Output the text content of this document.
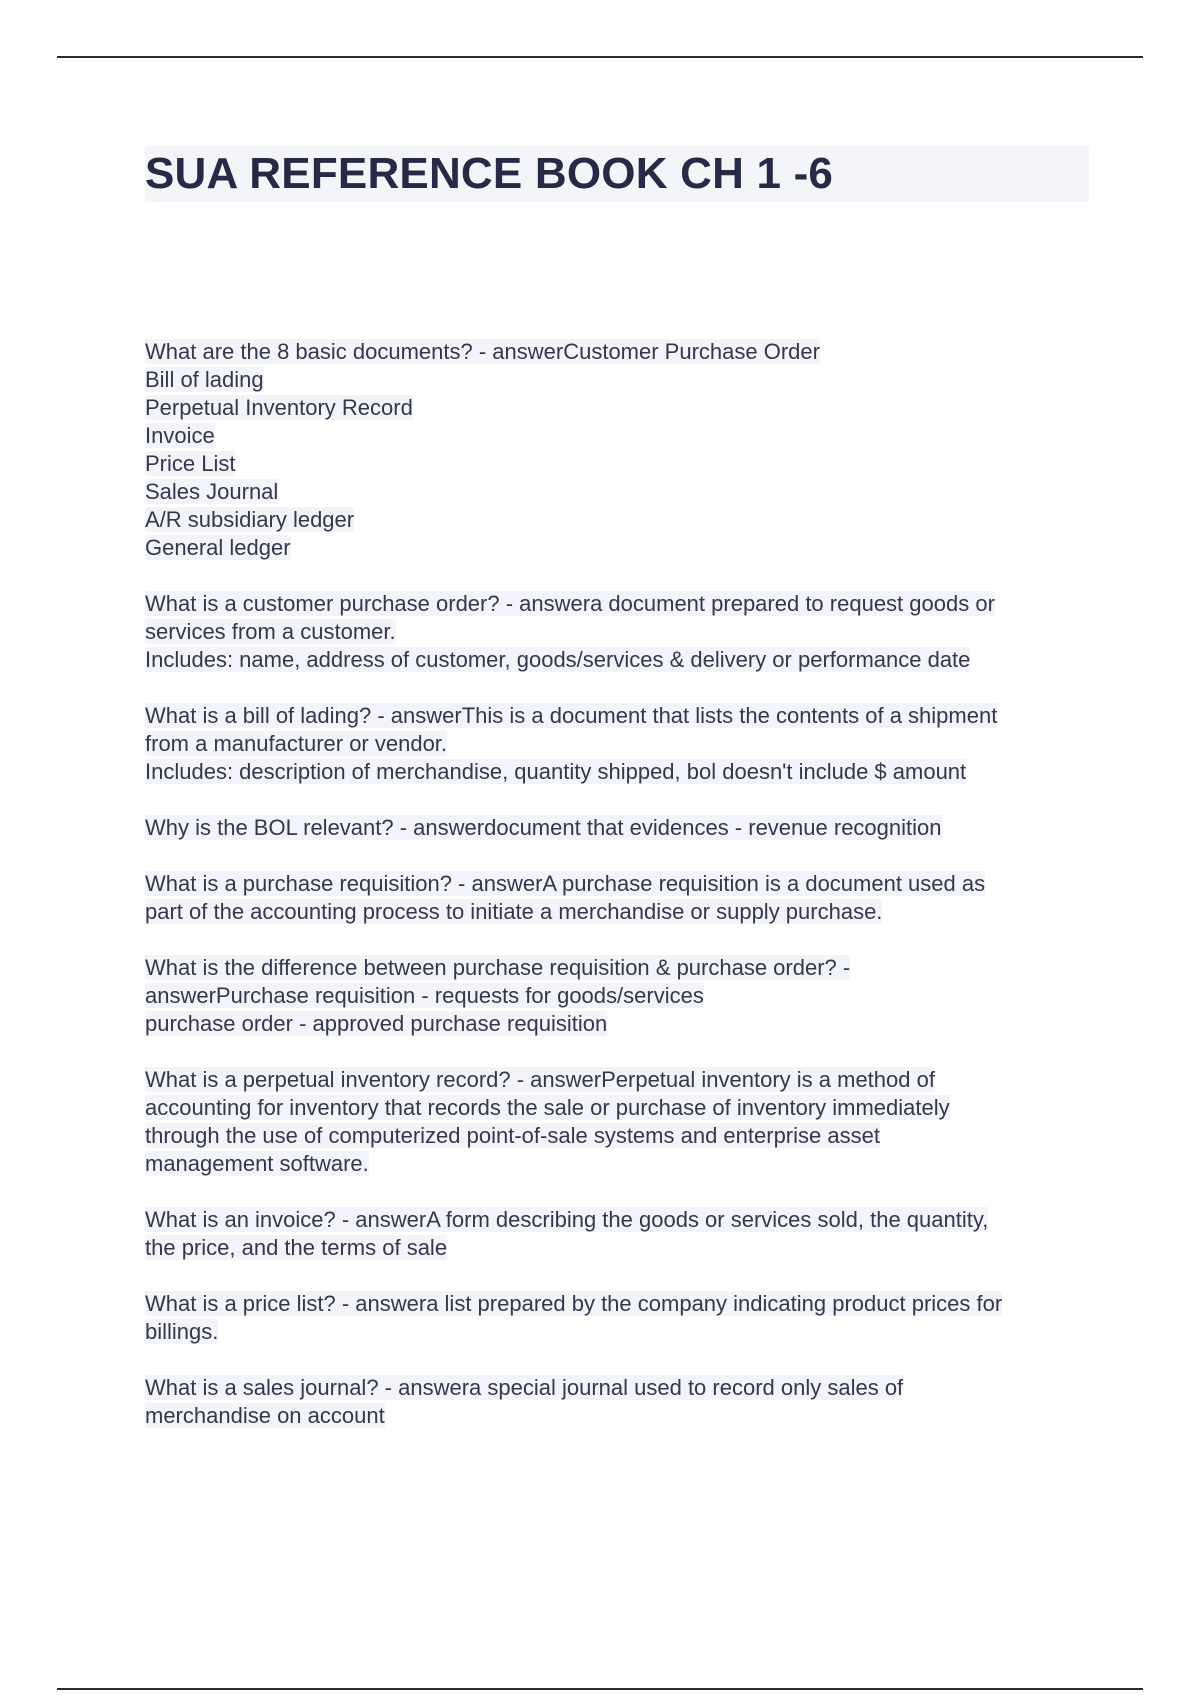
SUA REFERENCE BOOK CH 1 -6
What are the 8 basic documents? - answerCustomer Purchase Order
Bill of lading
Perpetual Inventory Record
Invoice
Price List
Sales Journal
A/R subsidiary ledger
General ledger
What is a customer purchase order? - answera document prepared to request goods or
services from a customer.
Includes: name, address of customer, goods/services & delivery or performance date
What is a bill of lading? - answerThis is a document that lists the contents of a shipment
from a manufacturer or vendor.
Includes: description of merchandise, quantity shipped, bol doesn't include $ amount
Why is the BOL relevant? - answerdocument that evidences - revenue recognition
What is a purchase requisition? - answerA purchase requisition is a document used as
part of the accounting process to initiate a merchandise or supply purchase.
What is the difference between purchase requisition & purchase order? -
answerPurchase requisition - requests for goods/services
purchase order - approved purchase requisition
What is a perpetual inventory record? - answerPerpetual inventory is a method of
accounting for inventory that records the sale or purchase of inventory immediately
through the use of computerized point-of-sale systems and enterprise asset
management software.
What is an invoice? - answerA form describing the goods or services sold, the quantity,
the price, and the terms of sale
What is a price list? - answera list prepared by the company indicating product prices for
billings.
What is a sales journal? - answera special journal used to record only sales of
merchandise on account
